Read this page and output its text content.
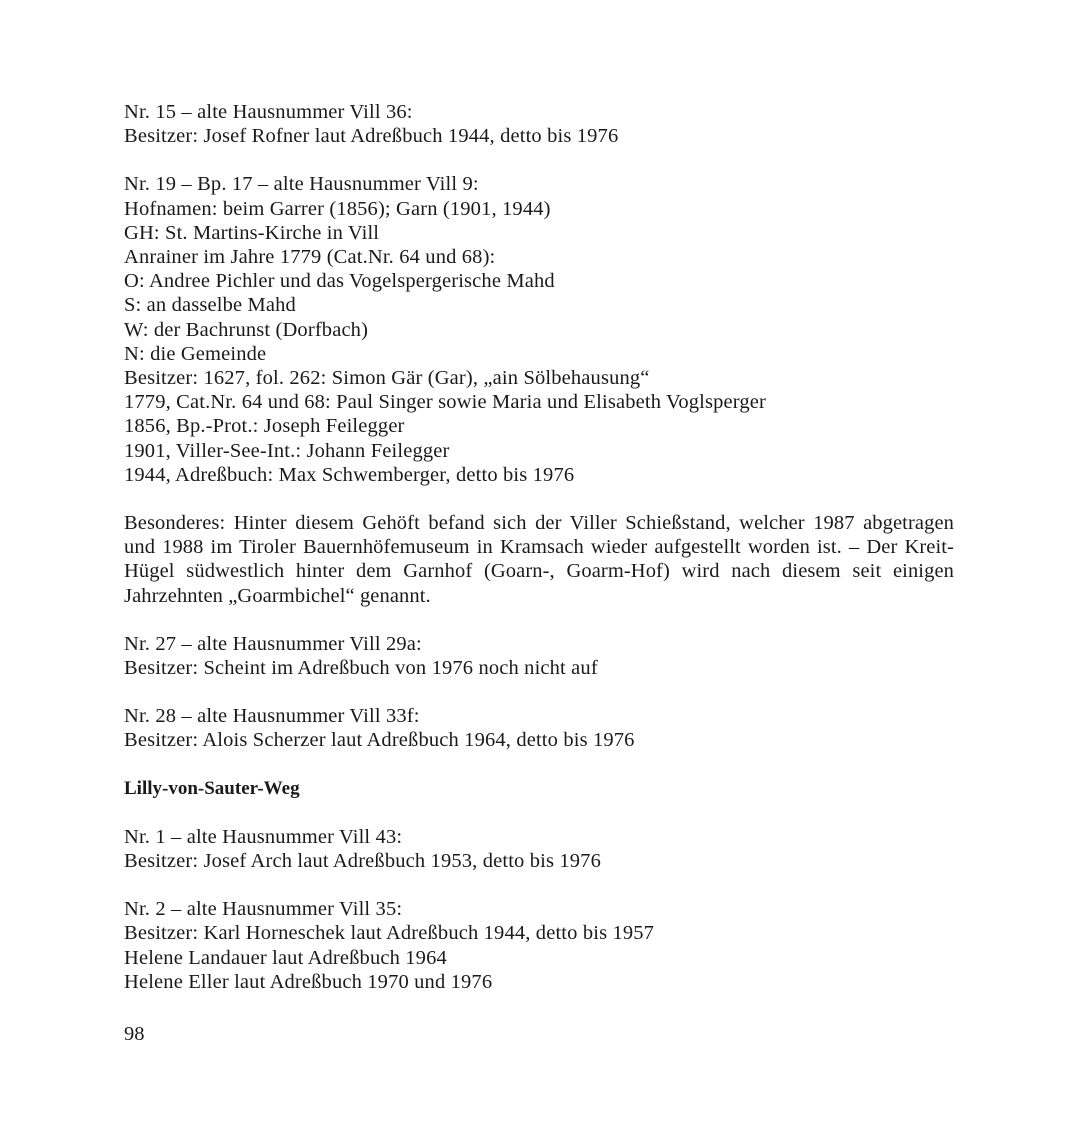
Nr. 15 – alte Hausnummer Vill 36:
Besitzer: Josef Rofner laut Adreßbuch 1944, detto bis 1976
Nr. 19 – Bp. 17 – alte Hausnummer Vill 9:
Hofnamen: beim Garrer (1856); Garn (1901, 1944)
GH: St. Martins-Kirche in Vill
Anrainer im Jahre 1779 (Cat.Nr. 64 und 68):
O: Andree Pichler und das Vogelspergerische Mahd
S: an dasselbe Mahd
W: der Bachrunst (Dorfbach)
N: die Gemeinde
Besitzer: 1627, fol. 262: Simon Gär (Gar), „ain Sölbehausung“
1779, Cat.Nr. 64 und 68: Paul Singer sowie Maria und Elisabeth Voglsperger
1856, Bp.-Prot.: Joseph Feilegger
1901, Viller-See-Int.: Johann Feilegger
1944, Adreßbuch: Max Schwemberger, detto bis 1976

Besonderes: Hinter diesem Gehöft befand sich der Viller Schießstand, welcher 1987 abgetragen und 1988 im Tiroler Bauernhöfemuseum in Kramsach wieder aufgestellt worden ist. – Der Kreit-Hügel südwestlich hinter dem Garnhof (Goarn-, Goarm-Hof) wird nach diesem seit einigen Jahrzehnten „Goarmbichel“ genannt.

Nr. 27 – alte Hausnummer Vill 29a:
Besitzer: Scheint im Adreßbuch von 1976 noch nicht auf
Nr. 28 – alte Hausnummer Vill 33f:
Besitzer: Alois Scherzer laut Adreßbuch 1964, detto bis 1976
Lilly-von-Sauter-Weg
Nr. 1 – alte Hausnummer Vill 43:
Besitzer: Josef Arch laut Adreßbuch 1953, detto bis 1976
Nr. 2 – alte Hausnummer Vill 35:
Besitzer: Karl Horneschek laut Adreßbuch 1944, detto bis 1957
Helene Landauer laut Adreßbuch 1964
Helene Eller laut Adreßbuch 1970 und 1976
98
